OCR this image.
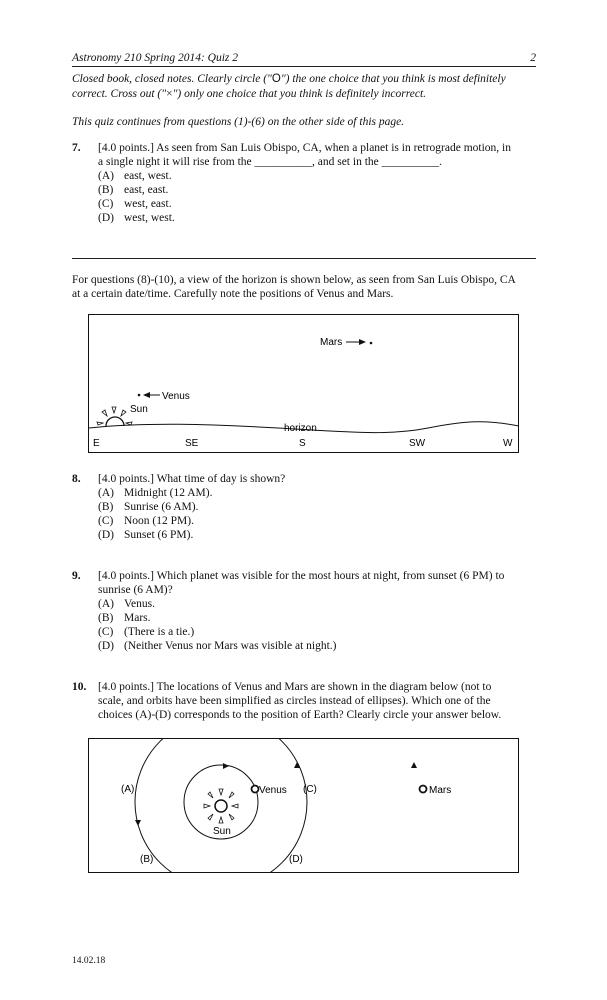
Astronomy 210 Spring 2014: Quiz 2	2
Closed book, closed notes. Clearly circle ("O") the one choice that you think is most definitely
correct. Cross out ("×") only one choice that you think is definitely incorrect.
This quiz continues from questions (1)-(6) on the other side of this page.
7. [4.0 points.] As seen from San Luis Obispo, CA, when a planet is in retrograde motion, in
a single night it will rise from the __________, and set in the __________.
(A) east, west.
(B) east, east.
(C) west, east.
(D) west, west.
For questions (8)-(10), a view of the horizon is shown below, as seen from San Luis Obispo, CA
at a certain date/time. Carefully note the positions of Venus and Mars.
Mars
Venus
Sun
horizon
E	SE	S	SW	W
8. [4.0 points.] What time of day is shown?
(A) Midnight (12 AM).
(B) Sunrise (6 AM).
(C) Noon (12 PM).
(D) Sunset (6 PM).
9. [4.0 points.] Which planet was visible for the most hours at night, from sunset (6 PM) to
sunrise (6 AM)?
(A) Venus.
(B) Mars.
(C) (There is a tie.)
(D) (Neither Venus nor Mars was visible at night.)
10. [4.0 points.] The locations of Venus and Mars are shown in the diagram below (not to
scale, and orbits have been simplified as circles instead of ellipses). Which one of the
choices (A)-(D) corresponds to the position of Earth? Clearly circle your answer below.
Sun
Venus	Mars
(A)
(B)
(C)
(D)
14.02.18
